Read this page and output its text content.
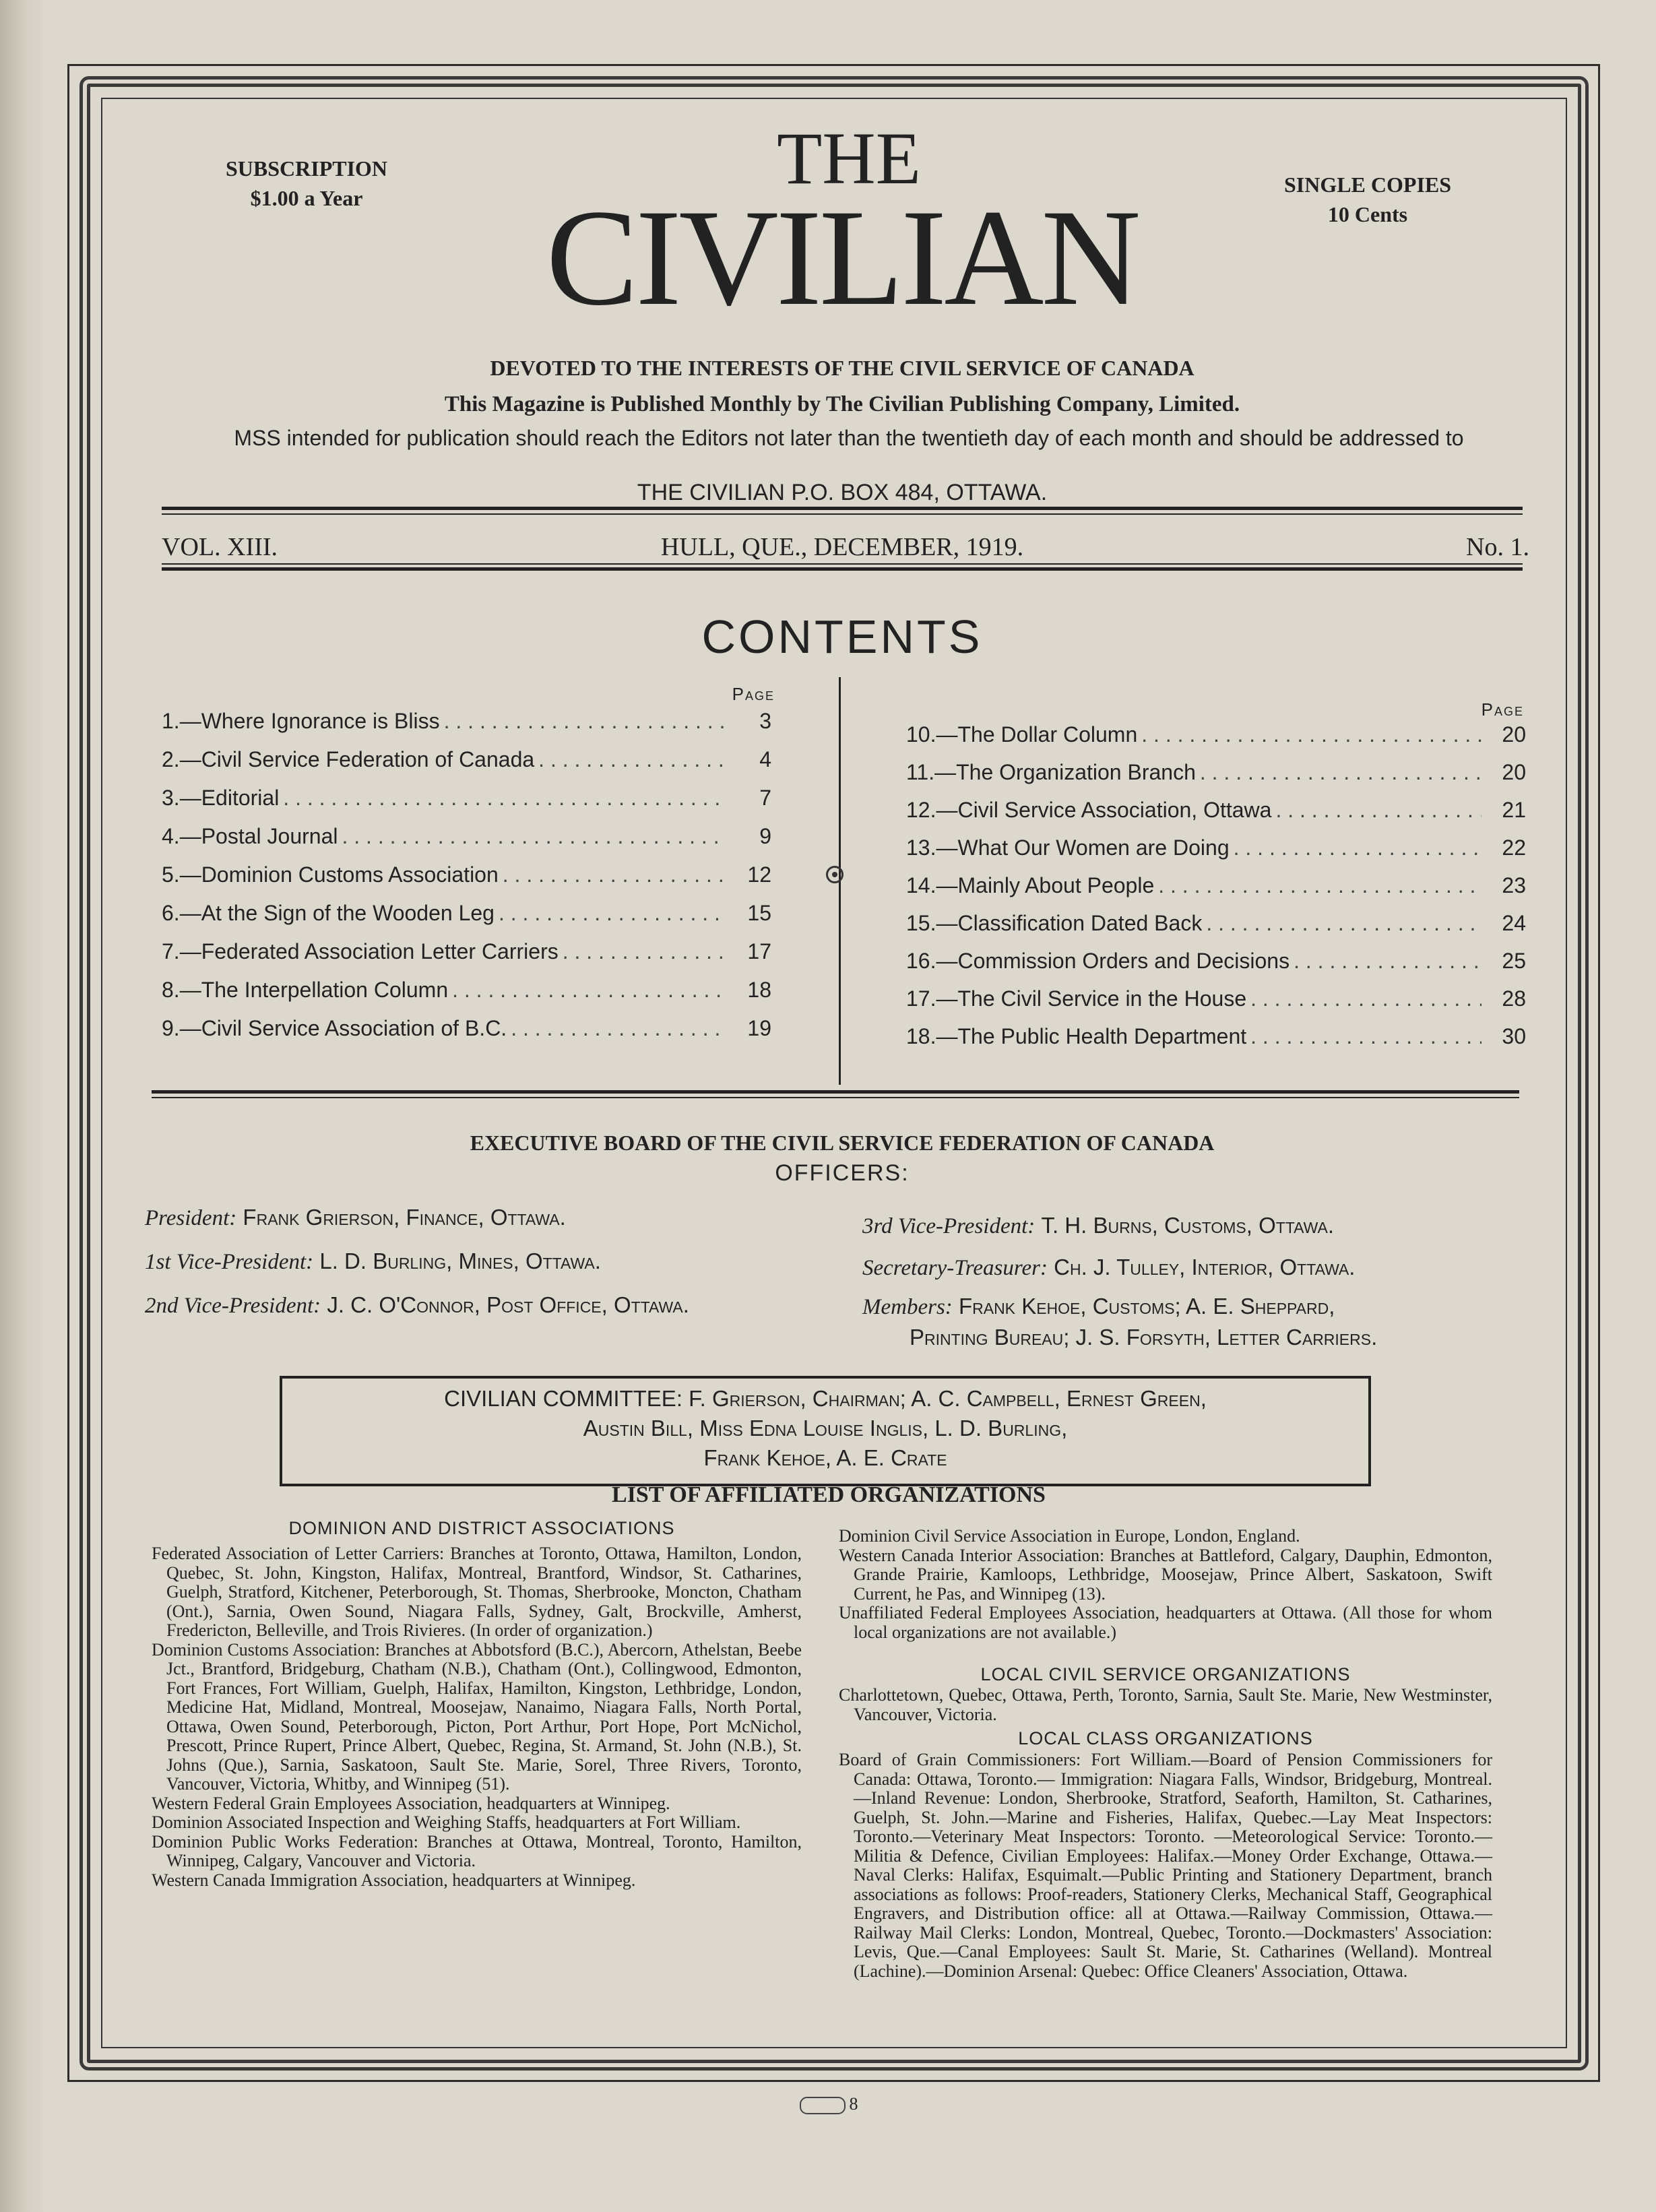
SUBSCRIPTION
$1.00 a Year
SINGLE COPIES
10 Cents
THE
CIVILIAN
DEVOTED TO THE INTERESTS OF THE CIVIL SERVICE OF CANADA
This Magazine is Published Monthly by The Civilian Publishing Company, Limited.
MSS intended for publication should reach the Editors not later than the twentieth day of each month and should be addressed to
THE CIVILIAN P.O. BOX 484, OTTAWA.
VOL. XIII.	HULL, QUE., DECEMBER, 1919.	No. 1.
CONTENTS
Page
Page
1.—Where Ignorance is Bliss . . .	3
2.—Civil Service Federation of Canada . . .	4
3.—Editorial . . .	7
4.—Postal Journal . . .	9
5.—Dominion Customs Association . . .	12
6.—At the Sign of the Wooden Leg . . .	15
7.—Federated Association Letter Carriers . . .	17
8.—The Interpellation Column . . .	18
9.—Civil Service Association of B.C. . . .	19
10.—The Dollar Column . . .	20
11.—The Organization Branch . . .	20
12.—Civil Service Association, Ottawa . . .	21
13.—What Our Women are Doing . . .	22
14.—Mainly About People . . .	23
15.—Classification Dated Back . . .	24
16.—Commission Orders and Decisions . . .	25
17.—The Civil Service in the House . . .	28
18.—The Public Health Department . . .	30
EXECUTIVE BOARD OF THE CIVIL SERVICE FEDERATION OF CANADA
OFFICERS:
President: Frank Grierson, Finance, Ottawa.
1st Vice-President: L. D. Burling, Mines, Ottawa.
2nd Vice-President: J. C. O'Connor, Post Office, Ottawa.
3rd Vice-President: T. H. Burns, Customs, Ottawa.
Secretary-Treasurer: Ch. J. Tulley, Interior, Ottawa.
Members: Frank Kehoe, Customs; A. E. Sheppard,
Printing Bureau; J. S. Forsyth, Letter Carriers.
CIVILIAN COMMITTEE: F. Grierson, Chairman; A. C. Campbell, Ernest Green,
Austin Bill, Miss Edna Louise Inglis, L. D. Burling,
Frank Kehoe, A. E. Crate
LIST OF AFFILIATED ORGANIZATIONS
DOMINION AND DISTRICT ASSOCIATIONS

Federated Association of Letter Carriers: Branches at Toronto, Ottawa, Hamilton, London, Quebec, St. John, Kingston, Halifax, Montreal, Brantford, Windsor, St. Catharines, Guelph, Stratford, Kitchener, Peterborough, St. Thomas, Sherbrooke, Moncton, Chatham (Ont.), Sarnia, Owen Sound, Niagara Falls, Sydney, Galt, Brockville, Amherst, Fredericton, Belleville, and Trois Rivieres. (In order of organization.)

Dominion Customs Association: Branches at Abbotsford (B.C.), Abercorn, Athelstan, Beebe Jct., Brantford, Bridgeburg, Chatham (N.B.), Chatham (Ont.), Collingwood, Edmonton, Fort Frances, Fort William, Guelph, Halifax, Hamilton, Kingston, Lethbridge, London, Medicine Hat, Midland, Montreal, Moosejaw, Nanaimo, Niagara Falls, North Portal, Ottawa, Owen Sound, Peterborough, Picton, Port Arthur, Port Hope, Port McNichol, Prescott, Prince Rupert, Prince Albert, Quebec, Regina, St. Armand, St. John (N.B.), St. Johns (Que.), Sarnia, Saskatoon, Sault Ste. Marie, Sorel, Three Rivers, Toronto, Vancouver, Victoria, Whitby, and Winnipeg (51).

Western Federal Grain Employees Association, headquarters at Winnipeg.

Dominion Associated Inspection and Weighing Staffs, headquarters at Fort William.

Dominion Public Works Federation: Branches at Ottawa, Montreal, Toronto, Hamilton, Winnipeg, Calgary, Vancouver and Victoria.

Western Canada Immigration Association, headquarters at Winnipeg.

Dominion Civil Service Association in Europe, London, England.

Western Canada Interior Association: Branches at Battleford, Calgary, Dauphin, Edmonton, Grande Prairie, Kamloops, Lethbridge, Moosejaw, Prince Albert, Saskatoon, Swift Current, he Pas, and Winnipeg (13).

Unaffiliated Federal Employees Association, headquarters at Ottawa. (All those for whom local organizations are not available.)

LOCAL CIVIL SERVICE ORGANIZATIONS

Charlottetown, Quebec, Ottawa, Perth, Toronto, Sarnia, Sault Ste. Marie, New Westminster, Vancouver, Victoria.

LOCAL CLASS ORGANIZATIONS

Board of Grain Commissioners: Fort William.—Board of Pension Commissioners for Canada: Ottawa, Toronto.— Immigration: Niagara Falls, Windsor, Bridgeburg, Montreal.—Inland Revenue: London, Sherbrooke, Stratford, Seaforth, Hamilton, St. Catharines, Guelph, St. John.—Marine and Fisheries, Halifax, Quebec.—Lay Meat Inspectors: Toronto.—Veterinary Meat Inspectors: Toronto. —Meteorological Service: Toronto.—Militia & Defence, Civilian Employees: Halifax.—Money Order Exchange, Ottawa.—Naval Clerks: Halifax, Esquimalt.—Public Printing and Stationery Department, branch associations as follows: Proof-readers, Stationery Clerks, Mechanical Staff, Geographical Engravers, and Distribution office: all at Ottawa.—Railway Commission, Ottawa.—Railway Mail Clerks: London, Montreal, Quebec, Toronto.—Dockmasters' Association: Levis, Que.—Canal Employees: Sault St. Marie, St. Catharines (Welland). Montreal (Lachine).—Dominion Arsenal: Quebec: Office Cleaners' Association, Ottawa.

8
